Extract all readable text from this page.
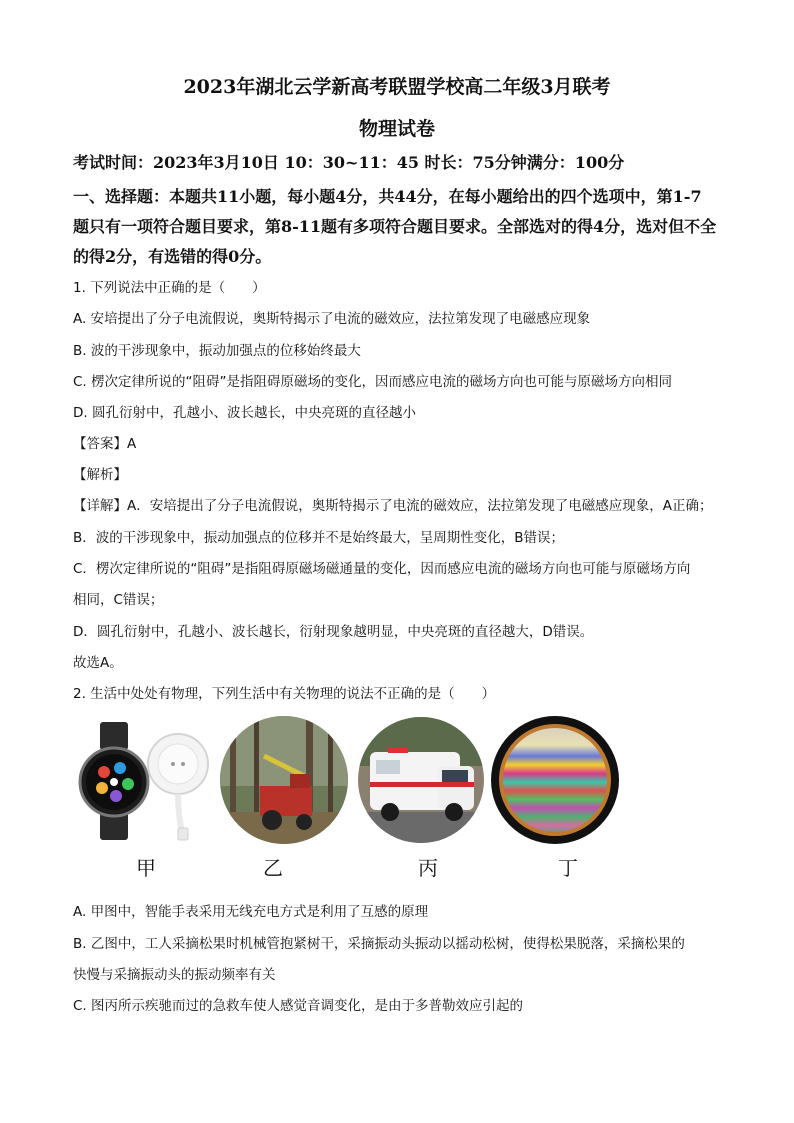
2023年湖北云学新高考联盟学校高二年级3月联考
物理试卷
考试时间：2023年3月10日 10：30~11：45 时长：75分钟满分：100分
一、选择题：本题共11小题，每小题4分，共44分，在每小题给出的四个选项中，第1-7
题只有一项符合题目要求，第8-11题有多项符合题目要求。全部选对的得4分，选对但不全
的得2分，有选错的得0分。
1. 下列说法中正确的是（　　）
A. 安培提出了分子电流假说，奥斯特揭示了电流的磁效应，法拉第发现了电磁感应现象
B. 波的干涉现象中，振动加强点的位移始终最大
C. 楞次定律所说的“阻碍”是指阻碍原磁场的变化，因而感应电流的磁场方向也可能与原磁场方向相同
D. 圆孔衍射中，孔越小、波长越长，中央亮斑的直径越小
【答案】A
【解析】
【详解】A．安培提出了分子电流假说，奥斯特揭示了电流的磁效应，法拉第发现了电磁感应现象，A正确；
B．波的干涉现象中，振动加强点的位移并不是始终最大，呈周期性变化，B错误；
C．楞次定律所说的“阻碍”是指阻碍原磁场磁通量的变化，因而感应电流的磁场方向也可能与原磁场方向
相同，C错误；
D．圆孔衍射中，孔越小、波长越长，衍射现象越明显，中央亮斑的直径越大，D错误。
故选A。
2. 生活中处处有物理，下列生活中有关物理的说法不正确的是（　　）
甲	乙	丙	丁
A. 甲图中，智能手表采用无线充电方式是利用了互感的原理
B. 乙图中，工人采摘松果时机械管抱紧树干，采摘振动头振动以摇动松树，使得松果脱落，采摘松果的
快慢与采摘振动头的振动频率有关
C. 图丙所示疾驰而过的急救车使人感觉音调变化，是由于多普勒效应引起的
